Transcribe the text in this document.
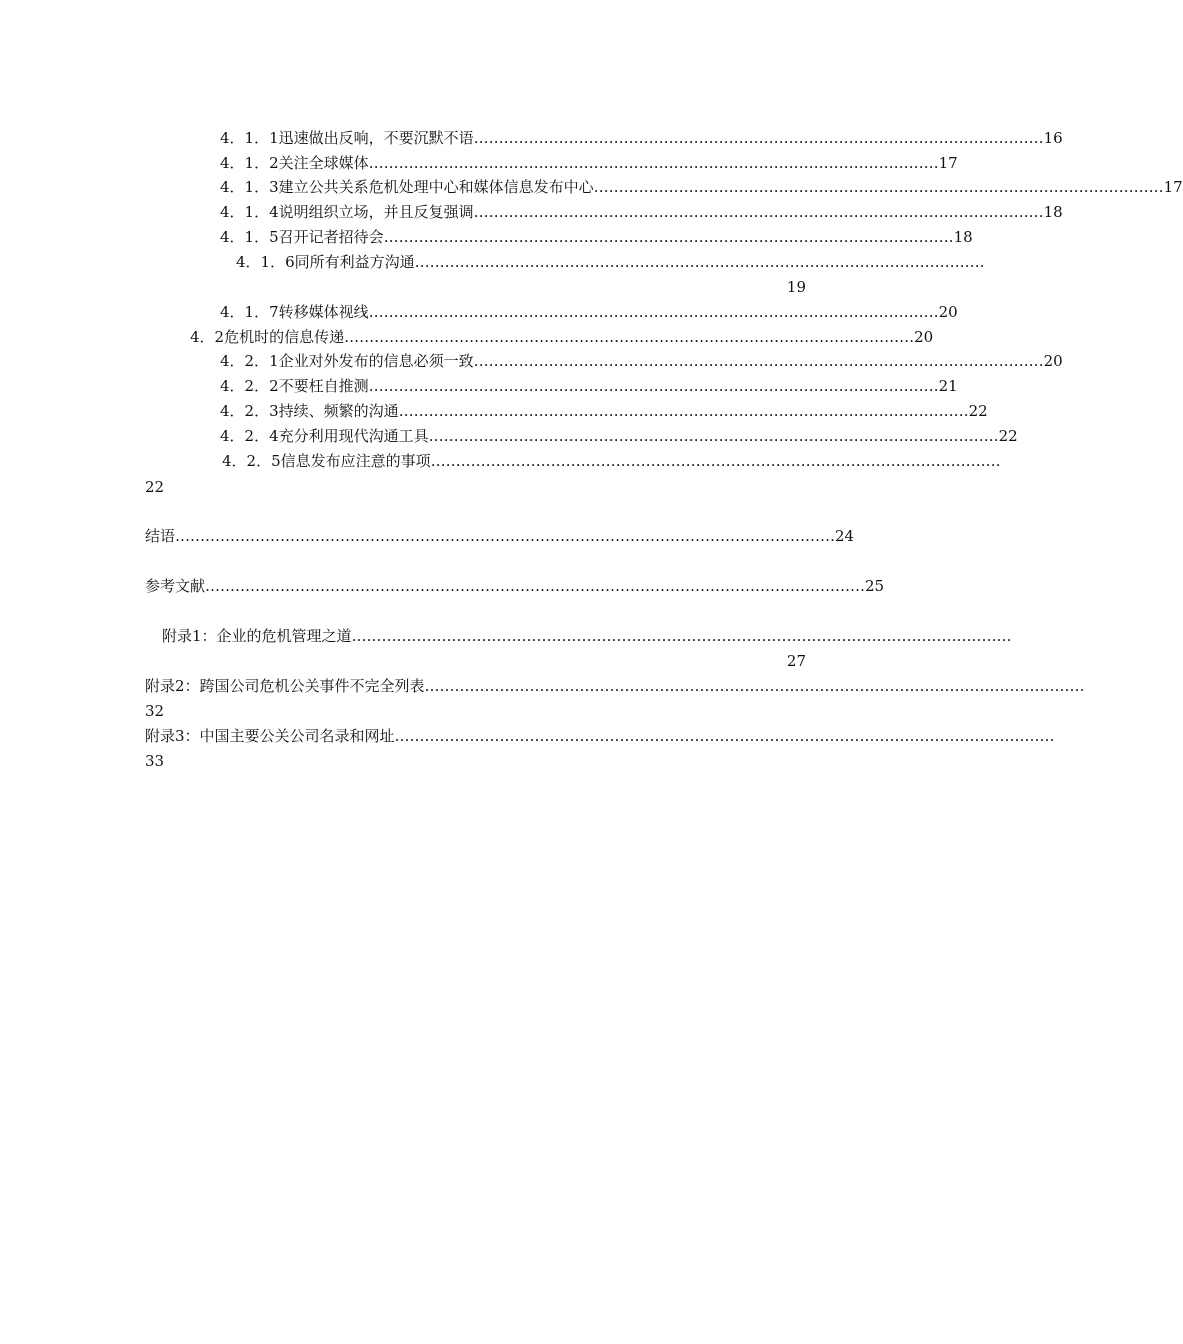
4．1．1迅速做出反响，不要沉默不语 …………………………………………………………………………………………………… 16
4．1．2关注全球媒体 …………………………………………………………………………………………………… 17
4．1．3建立公共关系危机处理中心和媒体信息发布中心 …………………………………………………………………………………………………… 17
4．1．4说明组织立场，并且反复强调 …………………………………………………………………………………………………… 18
4．1．5召开记者招待会 …………………………………………………………………………………………………… 18
4．1．6同所有利益方沟通 ……………………………………………………………………………………………………
19
4．1．7转移媒体视线 …………………………………………………………………………………………………… 20
4．2危机时的信息传递 …………………………………………………………………………………………………… 20
4．2．1企业对外发布的信息必须一致 …………………………………………………………………………………………………… 20
4．2．2不要枉自推测 …………………………………………………………………………………………………… 21
4．2．3持续、频繁的沟通 …………………………………………………………………………………………………… 22
4．2．4充分利用现代沟通工具 …………………………………………………………………………………………………… 22
4．2．5信息发布应注意的事项 ……………………………………………………………………………………………………
22
结语 …………………………………………………………………………………………………………………… 24
参考文献 …………………………………………………………………………………………………………………… 25
附录1：企业的危机管理之道 ……………………………………………………………………………………………………………………
27
附录2：跨国公司危机公关事件不完全列表 ……………………………………………………………………………………………………………………
32
附录3：中国主要公关公司名录和网址 ……………………………………………………………………………………………………………………
33
